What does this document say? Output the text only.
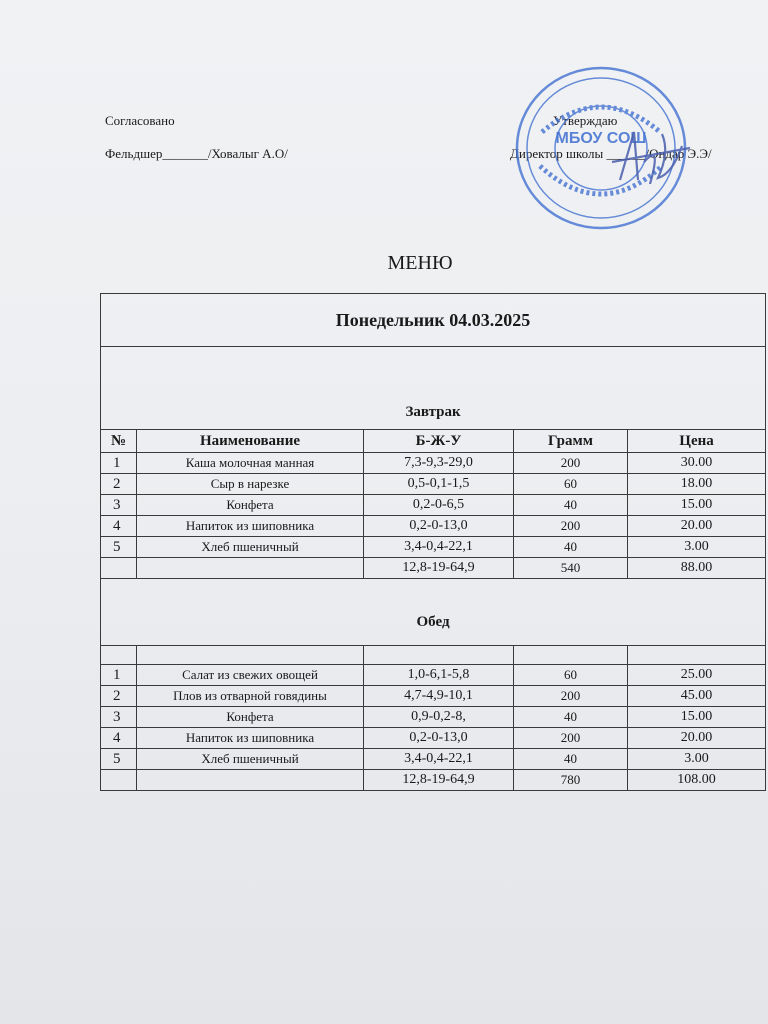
Согласовано
Фельдшер_______/Ховалыг А.О/
Утверждаю
Директор школы ______/Ондар Э.Э/
МБОУ СОШ
МЕНЮ
Понедельник 04.03.2025				
Завтрак				
№	Наименование	Б-Ж-У	Грамм	Цена
1	Каша молочная манная	7,3-9,3-29,0	200	30.00
2	Сыр в нарезке	0,5-0,1-1,5	60	18.00
3	Конфета	0,2-0-6,5	40	15.00
4	Напиток из шиповника	0,2-0-13,0	200	20.00
5	Хлеб пшеничный	3,4-0,4-22,1	40	3.00
		12,8-19-64,9	540	88.00
Обед				

1	Салат из свежих овощей	1,0-6,1-5,8	60	25.00
2	Плов из отварной говядины	4,7-4,9-10,1	200	45.00
3	Конфета	0,9-0,2-8,	40	15.00
4	Напиток из шиповника	0,2-0-13,0	200	20.00
5	Хлеб пшеничный	3,4-0,4-22,1	40	3.00
		12,8-19-64,9	780	108.00
